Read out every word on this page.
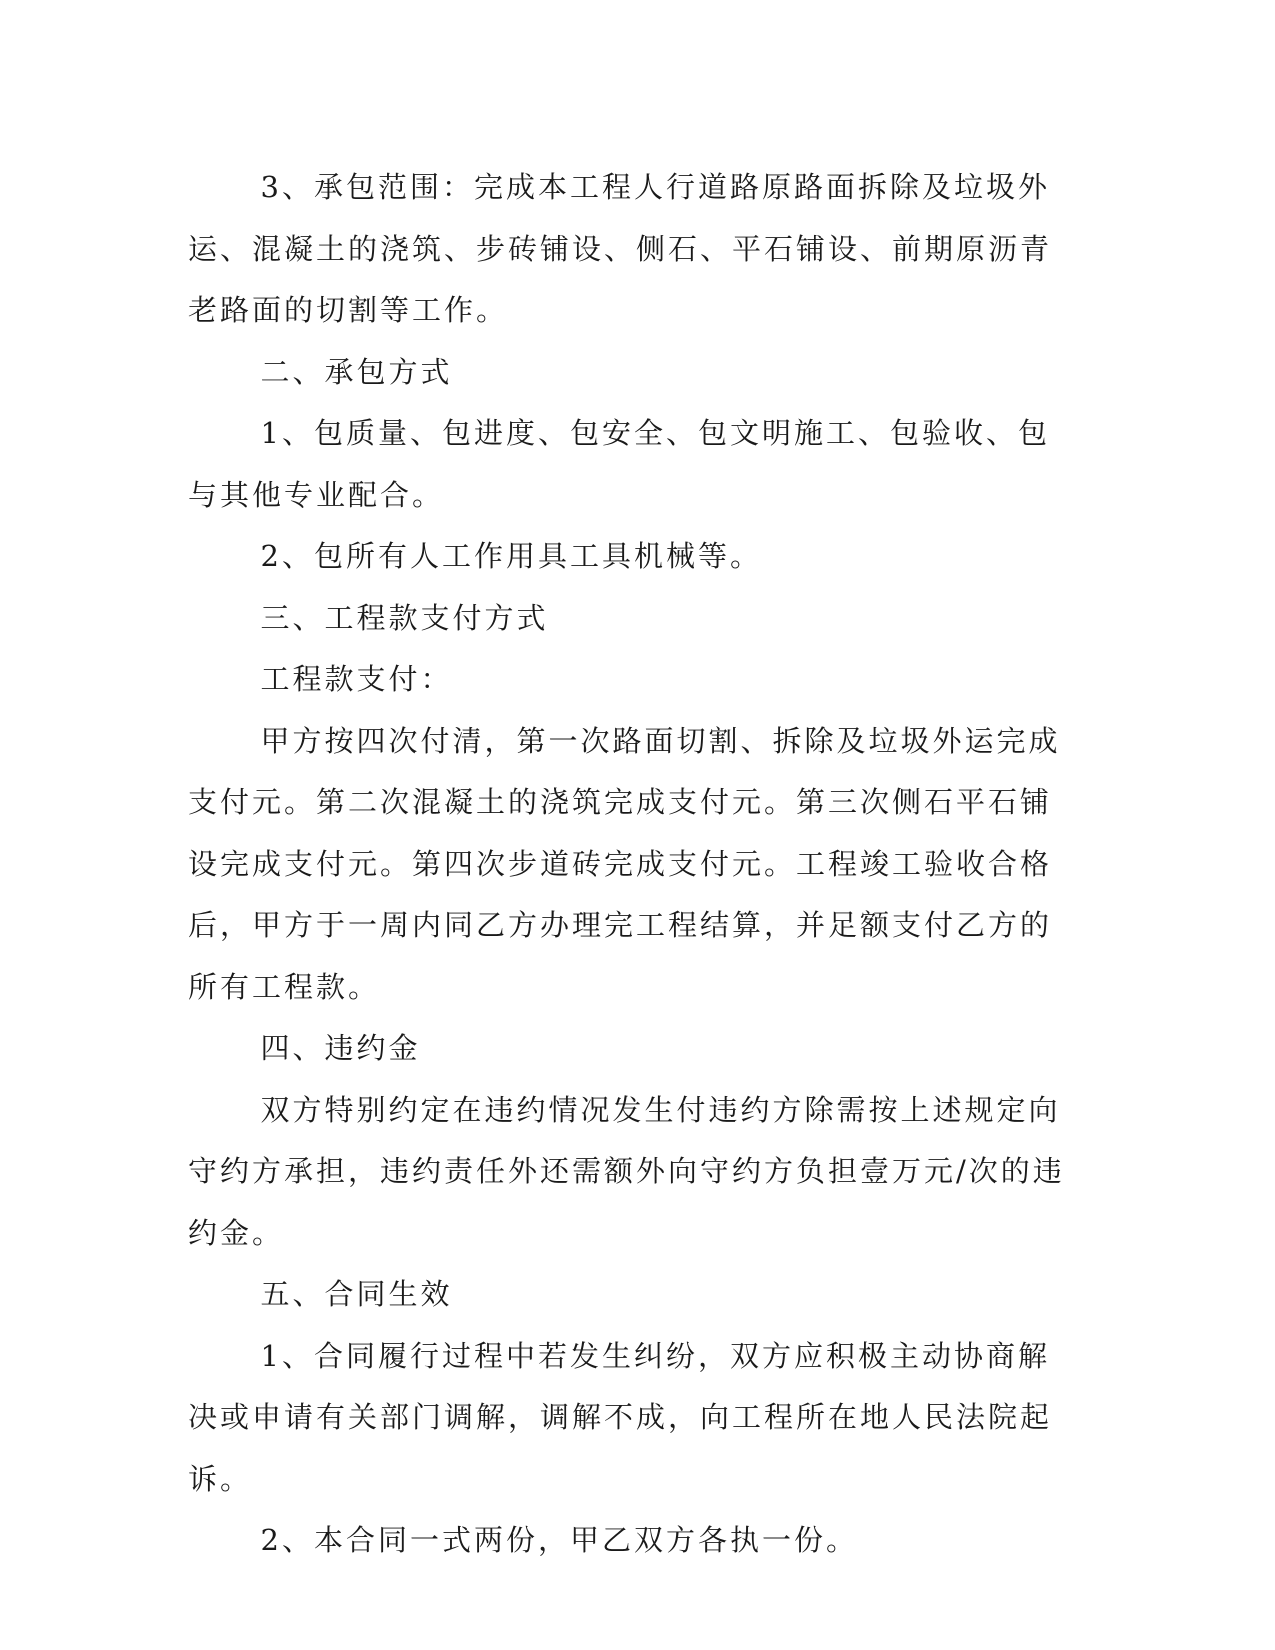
3、承包范围：完成本工程人行道路原路面拆除及垃圾外运、混凝土的浇筑、步砖铺设、侧石、平石铺设、前期原沥青老路面的切割等工作。

二、承包方式

1、包质量、包进度、包安全、包文明施工、包验收、包与其他专业配合。

2、包所有人工作用具工具机械等。

三、工程款支付方式

工程款支付：

甲方按四次付清，第一次路面切割、拆除及垃圾外运完成支付元。第二次混凝土的浇筑完成支付元。第三次侧石平石铺设完成支付元。第四次步道砖完成支付元。工程竣工验收合格后，甲方于一周内同乙方办理完工程结算，并足额支付乙方的所有工程款。

四、违约金

双方特别约定在违约情况发生付违约方除需按上述规定向守约方承担，违约责任外还需额外向守约方负担壹万元/次的违约金。

五、合同生效

1、合同履行过程中若发生纠纷，双方应积极主动协商解决或申请有关部门调解，调解不成，向工程所在地人民法院起诉。

2、本合同一式两份，甲乙双方各执一份。
